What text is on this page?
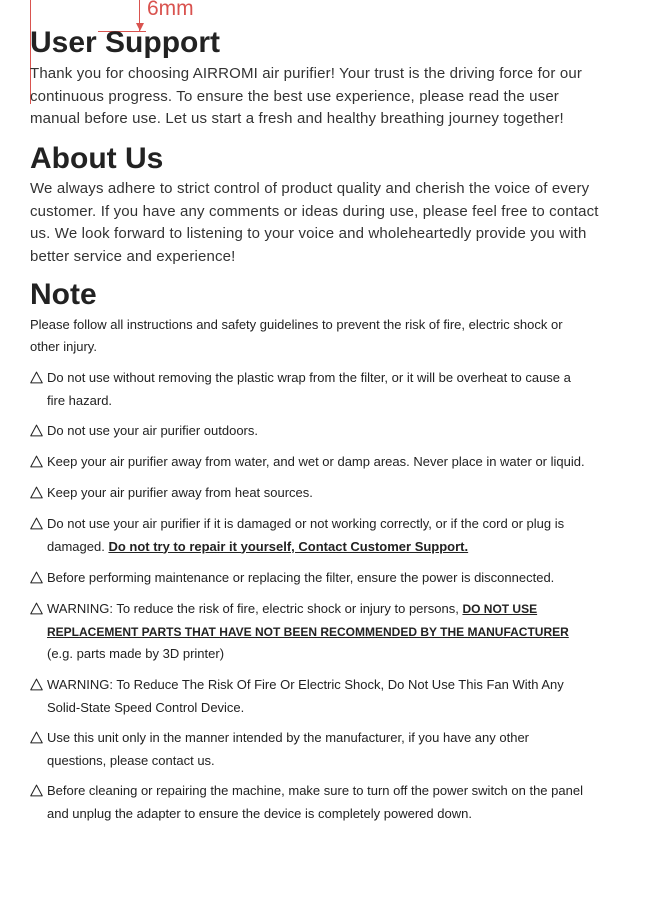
6mm
User Support
Thank you for choosing AIRROMI air purifier! Your trust is the driving force for our
continuous progress. To ensure the best use experience, please read the user
manual before use. Let us start a fresh and healthy breathing journey together!
About Us
We always adhere to strict control of product quality and cherish the voice of every
customer. If you have any comments or ideas during use, please feel free to contact
us. We look forward to listening to your voice and wholeheartedly provide you with
better service and experience!
Note
Please follow all instructions and safety guidelines to prevent the risk of fire, electric shock or
other injury.
Do not use without removing the plastic wrap from the filter, or it will be overheat to cause a
fire hazard.
Do not use your air purifier outdoors.
Keep your air purifier away from water, and wet or damp areas. Never place in water or liquid.
Keep your air purifier away from heat sources.
Do not use your air purifier if it is damaged or not working correctly, or if the cord or plug is
damaged. Do not try to repair it yourself, Contact Customer Support.
Before performing maintenance or replacing the filter, ensure the power is disconnected.
WARNING: To reduce the risk of fire, electric shock or injury to persons, DO NOT USE
REPLACEMENT PARTS THAT HAVE NOT BEEN RECOMMENDED BY THE MANUFACTURER
(e.g. parts made by 3D printer)
WARNING: To Reduce The Risk Of Fire Or Electric Shock, Do Not Use This Fan With Any
Solid-State Speed Control Device.
Use this unit only in the manner intended by the manufacturer, if you have any other
questions, please contact us.
Before cleaning or repairing the machine, make sure to turn off the power switch on the panel
and unplug the adapter to ensure the device is completely powered down.
